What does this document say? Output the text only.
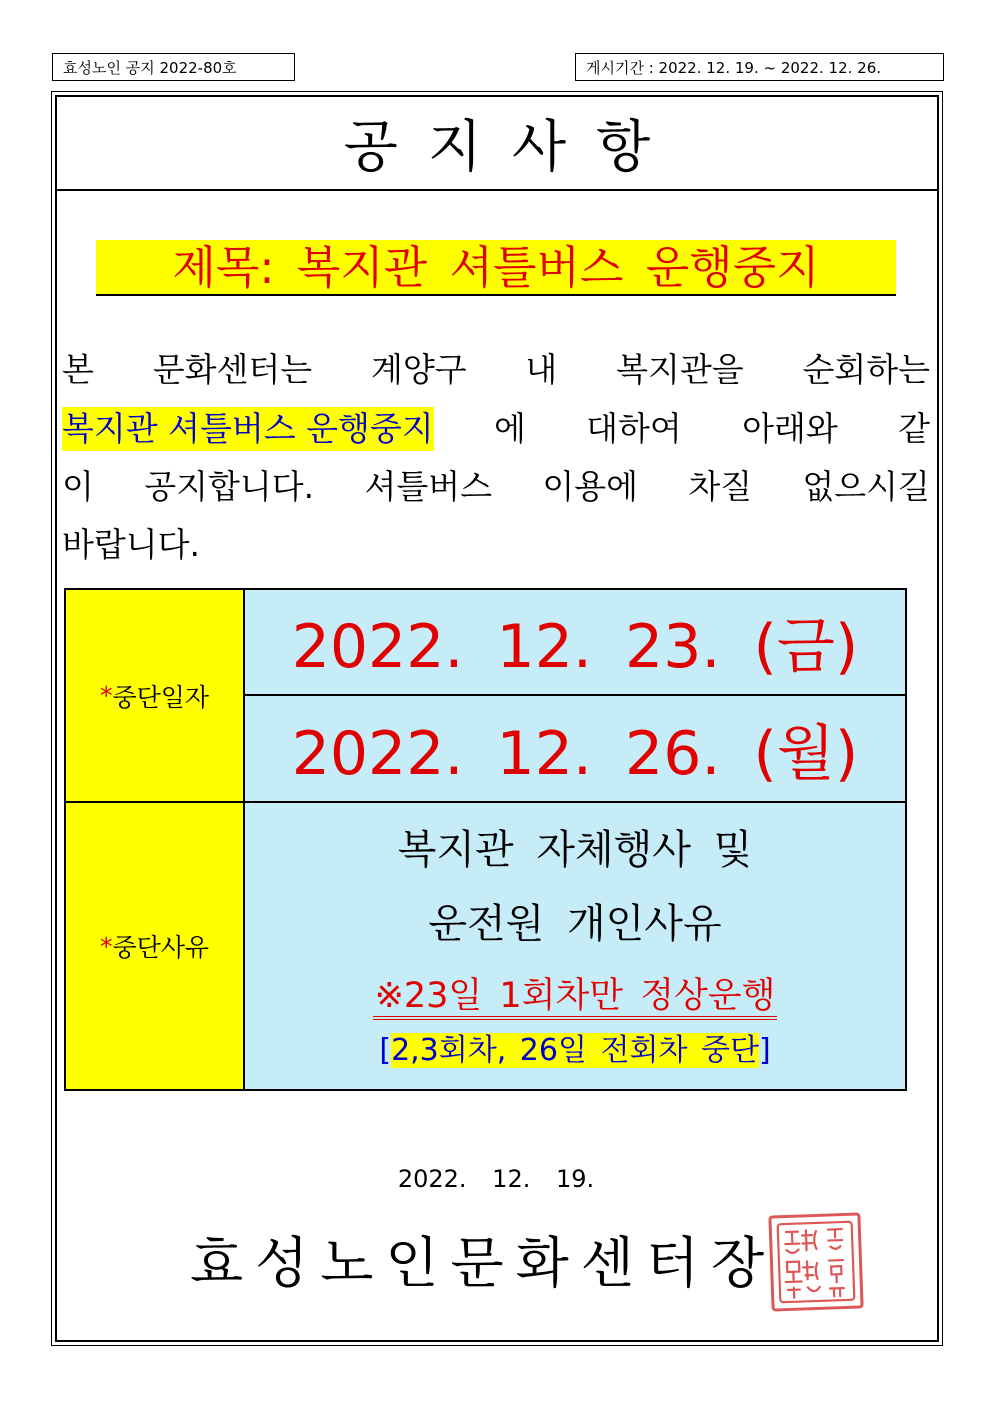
효성노인 공지 2022-80호	게시기간 : 2022. 12. 19. ~ 2022. 12. 26.
공지사항
제목: 복지관 셔틀버스 운행중지
본 문화센터는 계양구 내 복지관을 순회하는
복지관 셔틀버스 운행중지 에 대하여 아래와 같
이 공지합니다. 셔틀버스 이용에 차질 없으시길
바랍니다.
* 중단일자
2022. 12. 23. (금)
2022. 12. 26. (월)
* 중단사유
복지관 자체행사 및
운전원 개인사유
※23일 1회차만 정상운행
[2,3회차, 26일 전회차 중단]
2022. 12. 19.
효성노인문화센터장
